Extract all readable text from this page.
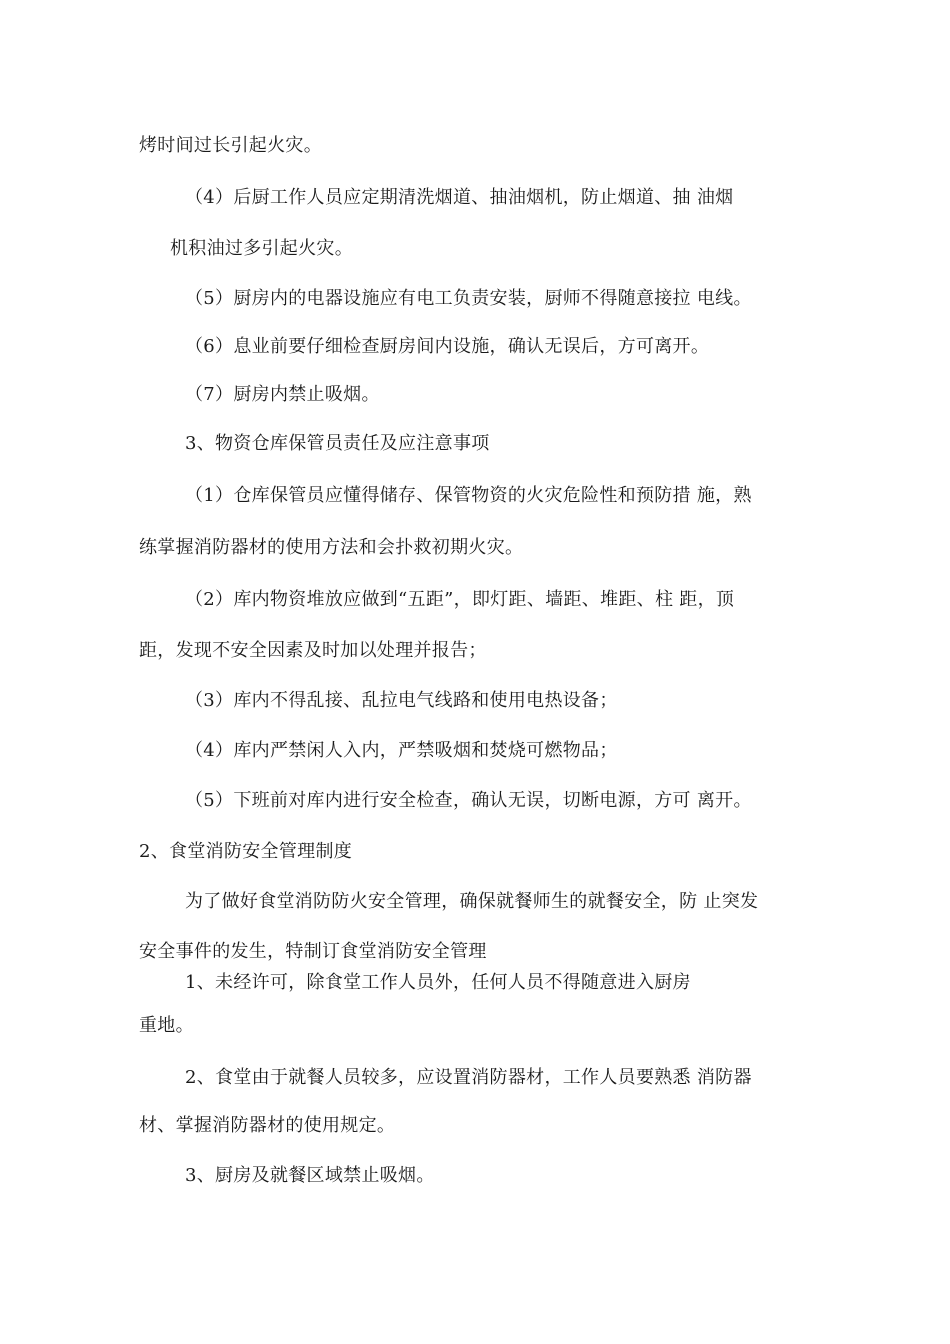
烤时间过长引起火灾。
（4）后厨工作人员应定期清洗烟道、抽油烟机，防止烟道、抽 油烟
机积油过多引起火灾。
（5）厨房内的电器设施应有电工负责安装，厨师不得随意接拉 电线。
（6）息业前要仔细检查厨房间内设施，确认无误后，方可离开。
（7）厨房内禁止吸烟。
3、物资仓库保管员责任及应注意事项
（1）仓库保管员应懂得储存、保管物资的火灾危险性和预防措 施，熟
练掌握消防器材的使用方法和会扑救初期火灾。
（2）库内物资堆放应做到“五距”，即灯距、墙距、堆距、柱 距，顶
距，发现不安全因素及时加以处理并报告；
（3）库内不得乱接、乱拉电气线路和使用电热设备；
（4）库内严禁闲人入内，严禁吸烟和焚烧可燃物品；
（5）下班前对库内进行安全检查，确认无误，切断电源，方可 离开。
2、食堂消防安全管理制度
为了做好食堂消防防火安全管理，确保就餐师生的就餐安全，防 止突发
安全事件的发生，特制订食堂消防安全管理
1、未经许可，除食堂工作人员外，任何人员不得随意进入厨房
重地。
2、食堂由于就餐人员较多，应设置消防器材，工作人员要熟悉 消防器
材、掌握消防器材的使用规定。
3、厨房及就餐区域禁止吸烟。
